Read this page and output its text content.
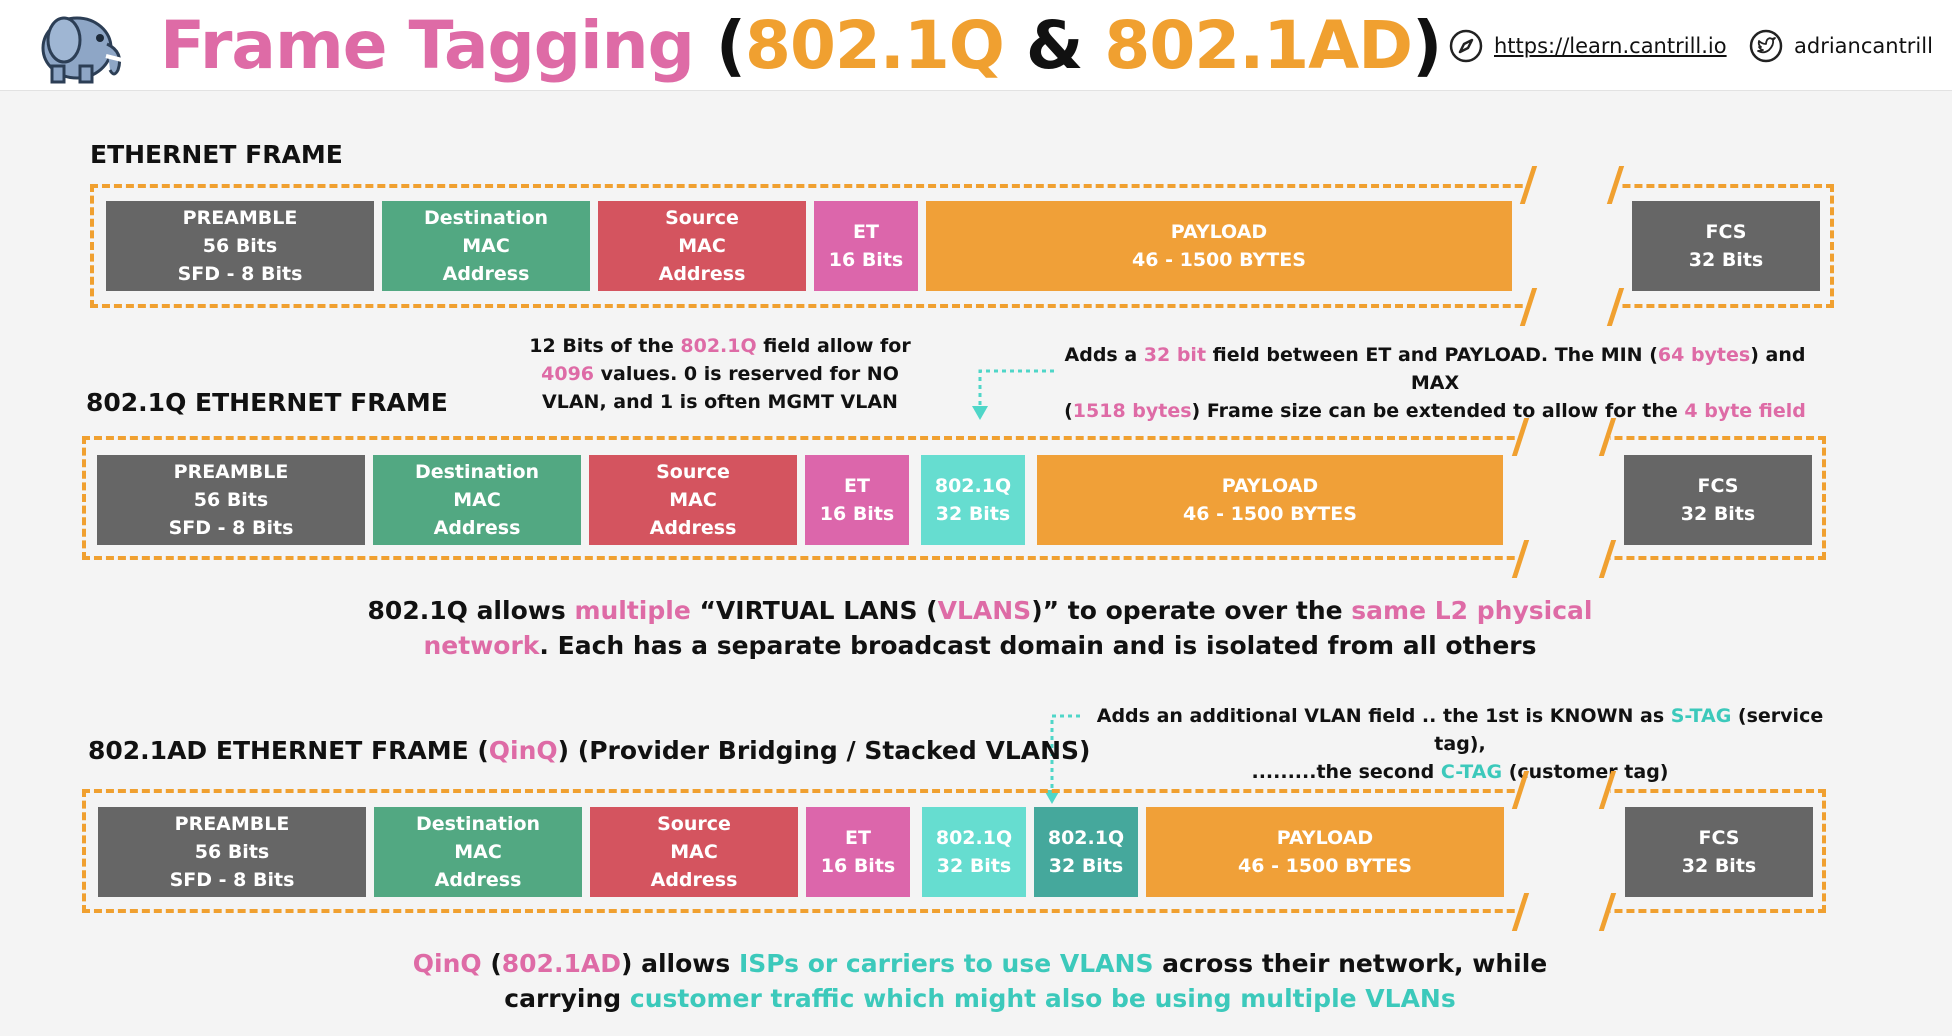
Frame Tagging (802.1Q & 802.1AD)	https://learn.cantrill.io	adriancantrill
ETHERNET FRAME
PREAMBLE
56 Bits
SFD - 8 Bits
Destination
MAC
Address
Source
MAC
Address
ET
16 Bits
PAYLOAD
46 - 1500 BYTES
FCS
32 Bits
12 Bits of the 802.1Q field allow for
4096 values. 0 is reserved for NO
VLAN, and 1 is often MGMT VLAN
Adds a 32 bit field between ET and PAYLOAD. The MIN (64 bytes) and MAX
(1518 bytes) Frame size can be extended to allow for the 4 byte field
802.1Q ETHERNET FRAME
PREAMBLE
56 Bits
SFD - 8 Bits
Destination
MAC
Address
Source
MAC
Address
ET
16 Bits
802.1Q
32 Bits
PAYLOAD
46 - 1500 BYTES
FCS
32 Bits
802.1Q allows multiple “VIRTUAL LANS (VLANS)” to operate over the same L2 physical
network. Each has a separate broadcast domain and is isolated from all others
Adds an additional VLAN field .. the 1st is KNOWN as S-TAG (service tag),
.........the second C-TAG (customer tag)
802.1AD ETHERNET FRAME (QinQ) (Provider Bridging / Stacked VLANS)
PREAMBLE
56 Bits
SFD - 8 Bits
Destination
MAC
Address
Source
MAC
Address
ET
16 Bits
802.1Q
32 Bits
802.1Q
32 Bits
PAYLOAD
46 - 1500 BYTES
FCS
32 Bits
QinQ (802.1AD) allows ISPs or carriers to use VLANS across their network, while
carrying customer traffic which might also be using multiple VLANs
